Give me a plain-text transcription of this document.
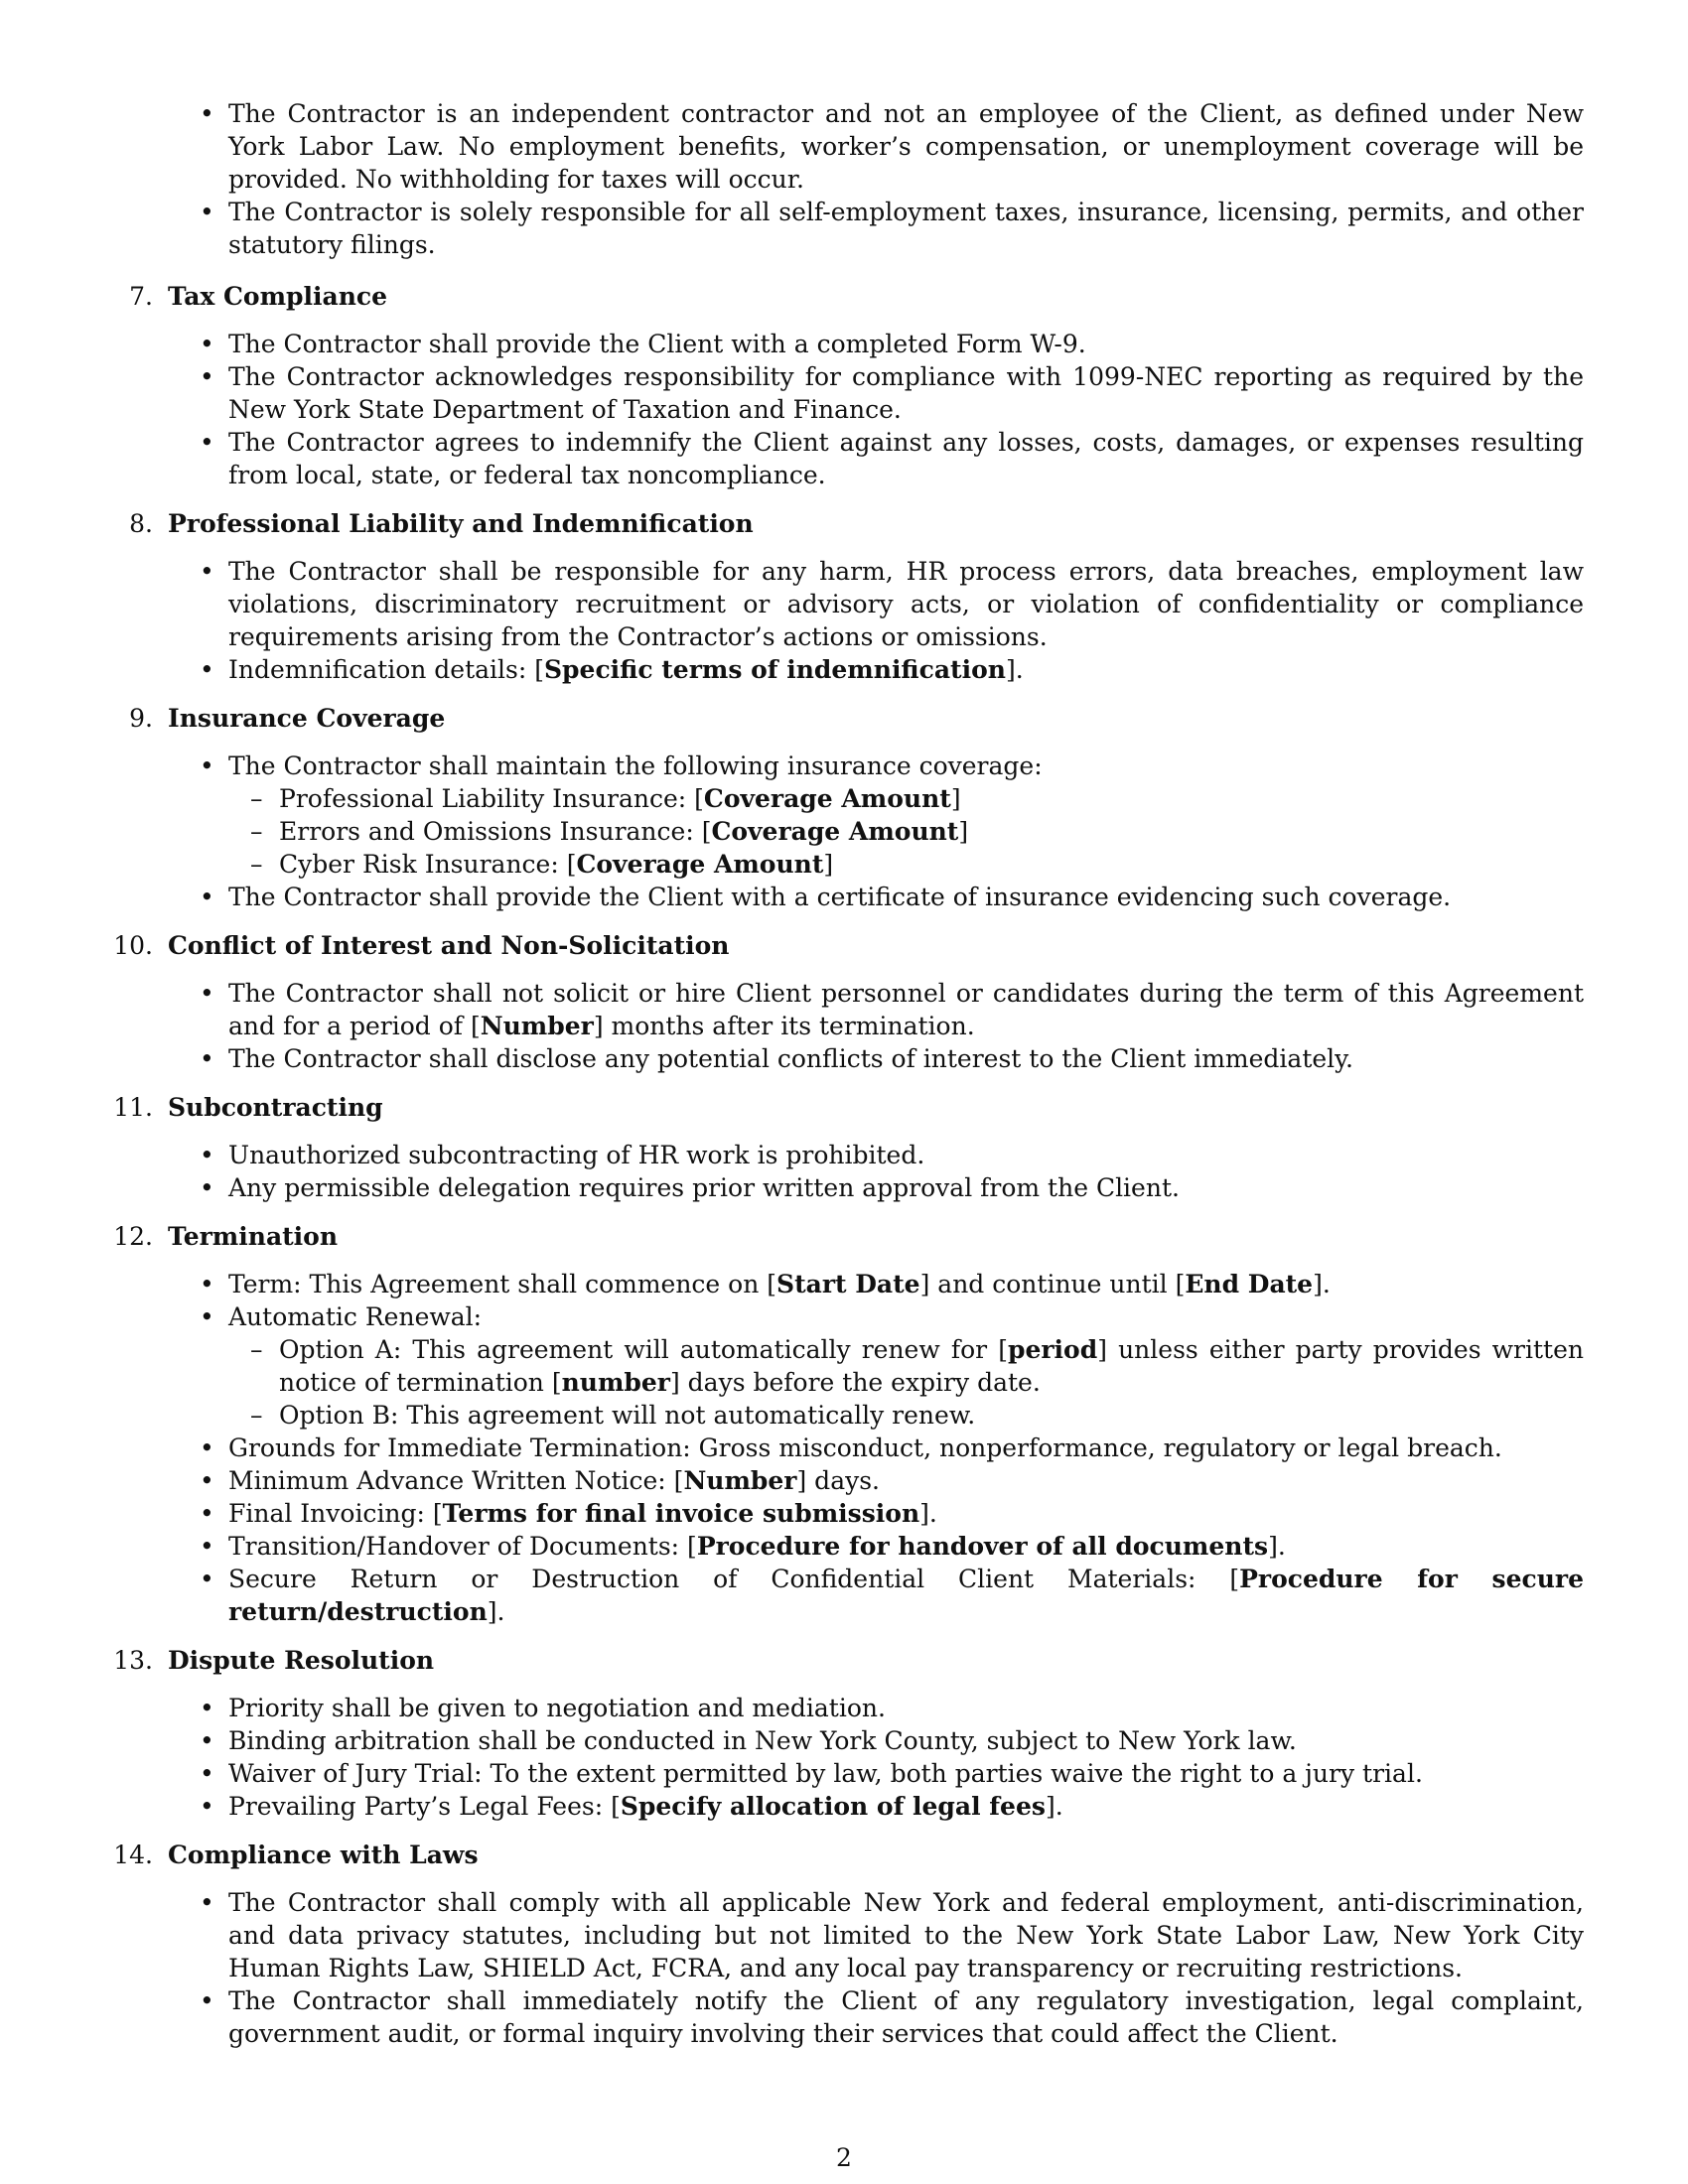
• The Contractor is an independent contractor and not an employee of the Client, as defined under New York Labor Law. No employment benefits, worker’s compensation, or unemployment coverage will be provided. No withholding for taxes will occur.
• The Contractor is solely responsible for all self-employment taxes, insurance, licensing, permits, and other statutory filings.
7. Tax Compliance
• The Contractor shall provide the Client with a completed Form W-9.
• The Contractor acknowledges responsibility for compliance with 1099-NEC reporting as required by the New York State Department of Taxation and Finance.
• The Contractor agrees to indemnify the Client against any losses, costs, damages, or expenses resulting from local, state, or federal tax noncompliance.
8. Professional Liability and Indemnification
• The Contractor shall be responsible for any harm, HR process errors, data breaches, employment law violations, discriminatory recruitment or advisory acts, or violation of confidentiality or compliance requirements arising from the Contractor’s actions or omissions.
• Indemnification details: [Specific terms of indemnification].
9. Insurance Coverage
• The Contractor shall maintain the following insurance coverage:
– Professional Liability Insurance: [Coverage Amount]
– Errors and Omissions Insurance: [Coverage Amount]
– Cyber Risk Insurance: [Coverage Amount]
• The Contractor shall provide the Client with a certificate of insurance evidencing such coverage.
10. Conflict of Interest and Non-Solicitation
• The Contractor shall not solicit or hire Client personnel or candidates during the term of this Agreement and for a period of [Number] months after its termination.
• The Contractor shall disclose any potential conflicts of interest to the Client immediately.
11. Subcontracting
• Unauthorized subcontracting of HR work is prohibited.
• Any permissible delegation requires prior written approval from the Client.
12. Termination
• Term: This Agreement shall commence on [Start Date] and continue until [End Date].
• Automatic Renewal:
– Option A: This agreement will automatically renew for [period] unless either party provides written notice of termination [number] days before the expiry date.
– Option B: This agreement will not automatically renew.
• Grounds for Immediate Termination: Gross misconduct, nonperformance, regulatory or legal breach.
• Minimum Advance Written Notice: [Number] days.
• Final Invoicing: [Terms for final invoice submission].
• Transition/Handover of Documents: [Procedure for handover of all documents].
• Secure Return or Destruction of Confidential Client Materials: [Procedure for secure return/destruction].
13. Dispute Resolution
• Priority shall be given to negotiation and mediation.
• Binding arbitration shall be conducted in New York County, subject to New York law.
• Waiver of Jury Trial: To the extent permitted by law, both parties waive the right to a jury trial.
• Prevailing Party’s Legal Fees: [Specify allocation of legal fees].
14. Compliance with Laws
• The Contractor shall comply with all applicable New York and federal employment, anti-discrimination, and data privacy statutes, including but not limited to the New York State Labor Law, New York City Human Rights Law, SHIELD Act, FCRA, and any local pay transparency or recruiting restrictions.
• The Contractor shall immediately notify the Client of any regulatory investigation, legal complaint, government audit, or formal inquiry involving their services that could affect the Client.
2
